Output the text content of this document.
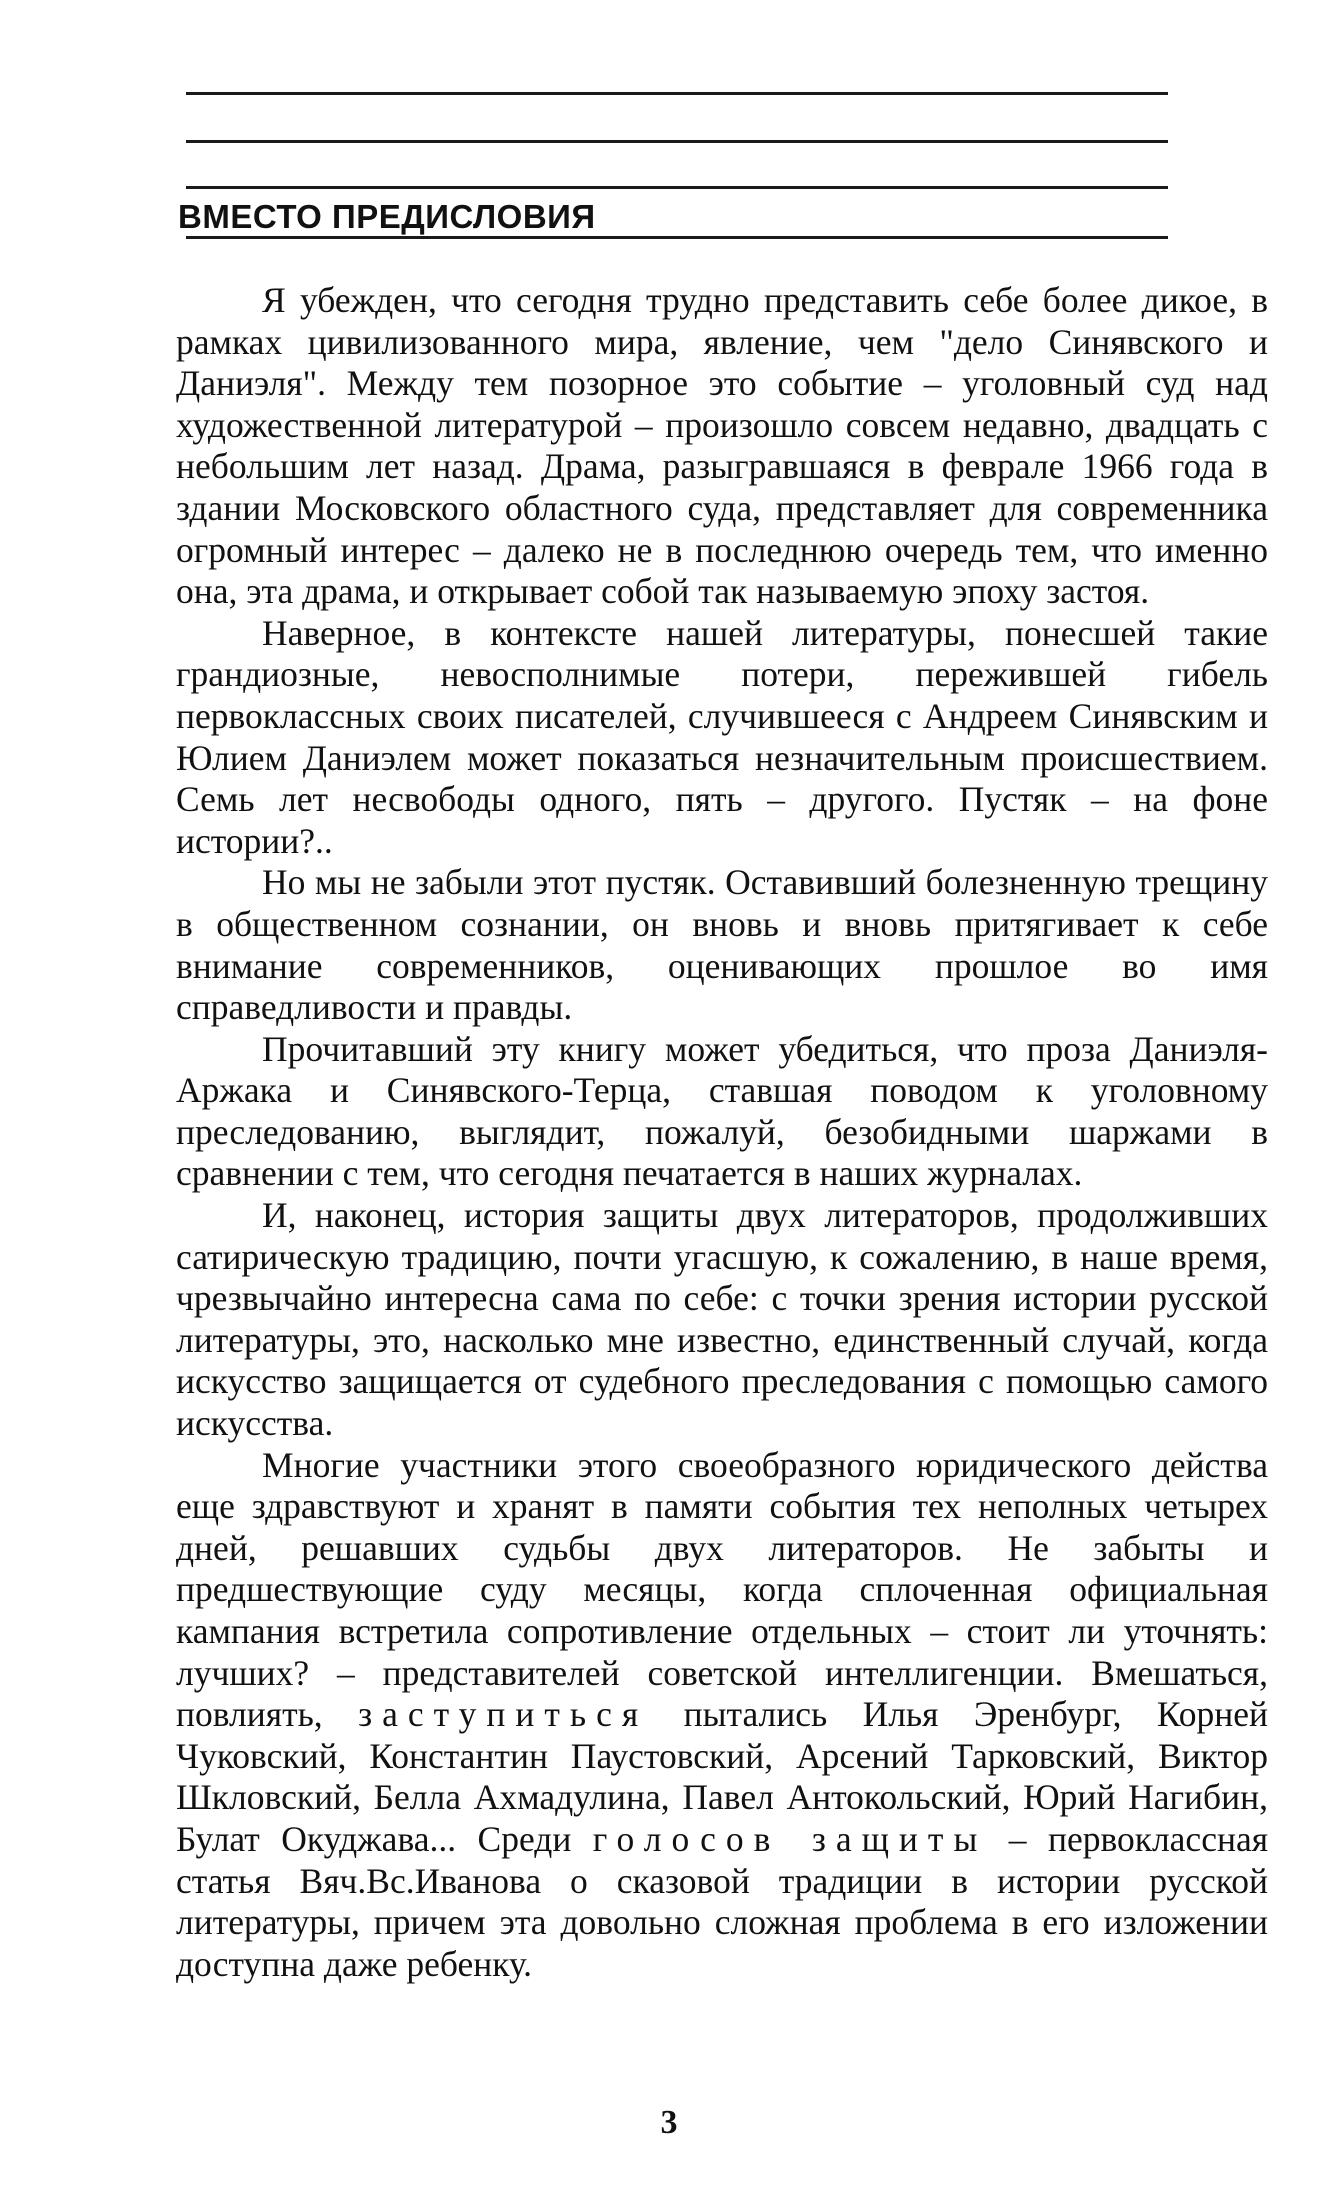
ВМЕСТО ПРЕДИСЛОВИЯ

Я убежден, что сегодня трудно представить себе более дикое, в рамках цивилизованного мира, явление, чем "дело Синявского и Даниэля". Между тем позорное это событие – уголовный суд над художественной литературой – произошло совсем недавно, двадцать с небольшим лет назад. Драма, разыгравшаяся в феврале 1966 года в здании Московского областного суда, представляет для современника огромный интерес – далеко не в последнюю очередь тем, что именно она, эта драма, и открывает собой так называемую эпоху застоя.

Наверное, в контексте нашей литературы, понесшей такие грандиозные, невосполнимые потери, пережившей гибель первоклассных своих писателей, случившееся с Андреем Синявским и Юлием Даниэлем может показаться незначительным происшествием. Семь лет несвободы одного, пять – другого. Пустяк – на фоне истории?..

Но мы не забыли этот пустяк. Оставивший болезненную трещину в общественном сознании, он вновь и вновь притягивает к себе внимание современников, оценивающих прошлое во имя справедливости и правды.

Прочитавший эту книгу может убедиться, что проза Даниэля-Аржака и Синявского-Терца, ставшая поводом к уголовному преследованию, выглядит, пожалуй, безобидными шаржами в сравнении с тем, что сегодня печатается в наших журналах.

И, наконец, история защиты двух литераторов, продолживших сатирическую традицию, почти угасшую, к сожалению, в наше время, чрезвычайно интересна сама по себе: с точки зрения истории русской литературы, это, насколько мне известно, единственный случай, когда искусство защищается от судебного преследования с помощью самого искусства.

Многие участники этого своеобразного юридического действа еще здравствуют и хранят в памяти события тех неполных четырех дней, решавших судьбы двух литераторов. Не забыты и предшествующие суду месяцы, когда сплоченная официальная кампания встретила сопротивление отдельных – стоит ли уточнять: лучших? – представителей советской интеллигенции. Вмешаться, повлиять, заступиться пытались Илья Эренбург, Корней Чуковский, Константин Паустовский, Арсений Тарковский, Виктор Шкловский, Белла Ахмадулина, Павел Антокольский, Юрий Нагибин, Булат Окуджава... Среди голосов защиты – первоклассная статья Вяч.Вс.Иванова о сказовой традиции в истории русской литературы, причем эта довольно сложная проблема в его изложении доступна даже ребенку.

3
